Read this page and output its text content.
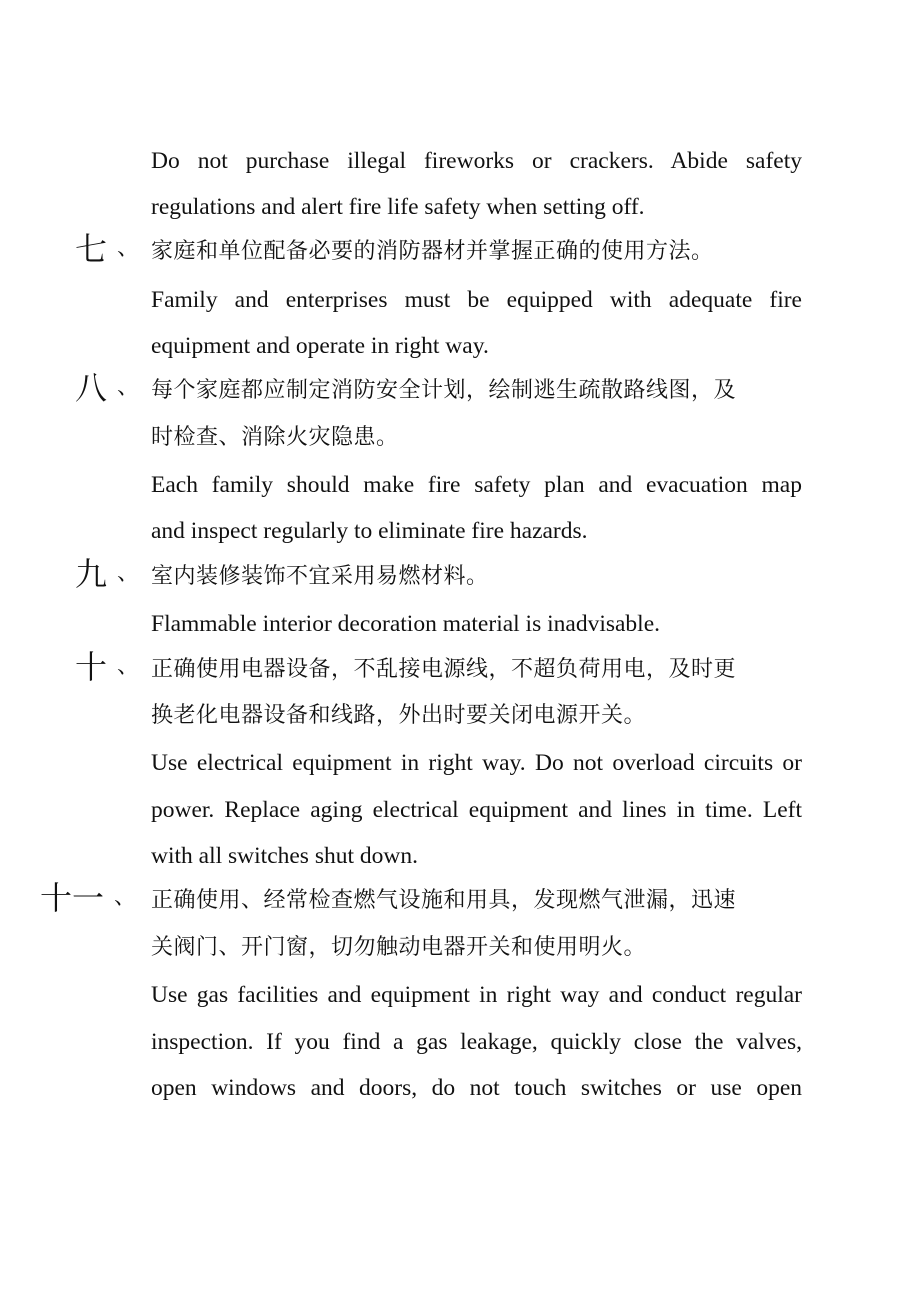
Do not purchase illegal fireworks or crackers. Abide safety
regulations and alert fire life safety when setting off.
七 、 家庭和单位配备必要的消防器材并掌握正确的使用方法。
Family and enterprises must be equipped with adequate fire
equipment and operate in right way.
八 、 每个家庭都应制定消防安全计划，绘制逃生疏散路线图，及
时检查、消除火灾隐患。
Each family should make fire safety plan and evacuation map
and inspect regularly to eliminate fire hazards.
九 、 室内装修装饰不宜采用易燃材料。
Flammable interior decoration material is inadvisable.
十 、 正确使用电器设备，不乱接电源线，不超负荷用电，及时更
换老化电器设备和线路，外出时要关闭电源开关。
Use electrical equipment in right way. Do not overload circuits or
power. Replace aging electrical equipment and lines in time. Left
with all switches shut down.
十一 、 正确使用、经常检查燃气设施和用具，发现燃气泄漏，迅速
关阀门、开门窗，切勿触动电器开关和使用明火。
Use gas facilities and equipment in right way and conduct regular
inspection. If you find a gas leakage, quickly close the valves,
open windows and doors, do not touch switches or use open
